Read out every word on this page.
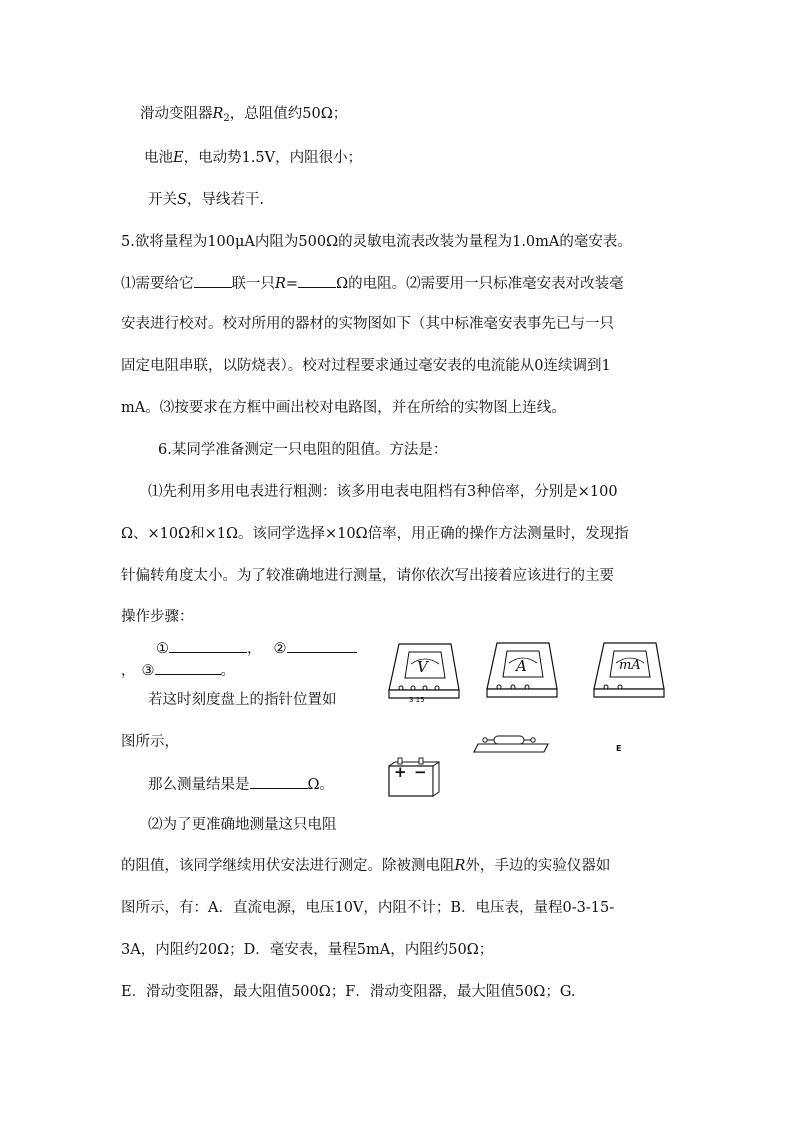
滑动变阻器$R_2$，总阻值约50Ω；
电池E，电动势1.5V，内阻很小；
开关S，导线若干.
5.欲将量程为100μA内阻为500Ω的灵敏电流表改装为量程为1.0mA的毫安表。
⑴需要给它	联一只R=	Ω的电阻。⑵需要用一只标准毫安表对改装毫
安表进行校对。校对所用的器材的实物图如下（其中标准毫安表事先已与一只
固定电阻串联，以防烧表）。校对过程要求通过毫安表的电流能从0连续调到1
mA。⑶按要求在方框中画出校对电路图，并在所给的实物图上连线。
6.某同学准备测定一只电阻的阻值。方法是：
⑴先利用多用电表进行粗测：该多用电表电阻档有3种倍率，分别是×100
Ω、×10Ω和×1Ω。该同学选择×10Ω倍率，用正确的操作方法测量时，发现指
针偏转角度太小。为了较准确地进行测量，请你依次写出接着应该进行的主要
操作步骤：
①	， ②
， ③	。
若这时刻度盘上的指针位置如
图所示，
那么测量结果是	Ω。
⑵为了更准确地测量这只电阻
的阻值，该同学继续用伏安法进行测定。除被测电阻R外，手边的实验仪器如
图所示，有：A．直流电源，电压10V，内阻不计；B．电压表，量程0-3-15-
3A，内阻约20Ω；D．毫安表，量程5mA，内阻约50Ω；
E．滑动变阻器，最大阻值500Ω；F．滑动变阻器，最大阻值50Ω；G.
V
3 15
A	mA
E
+ −
